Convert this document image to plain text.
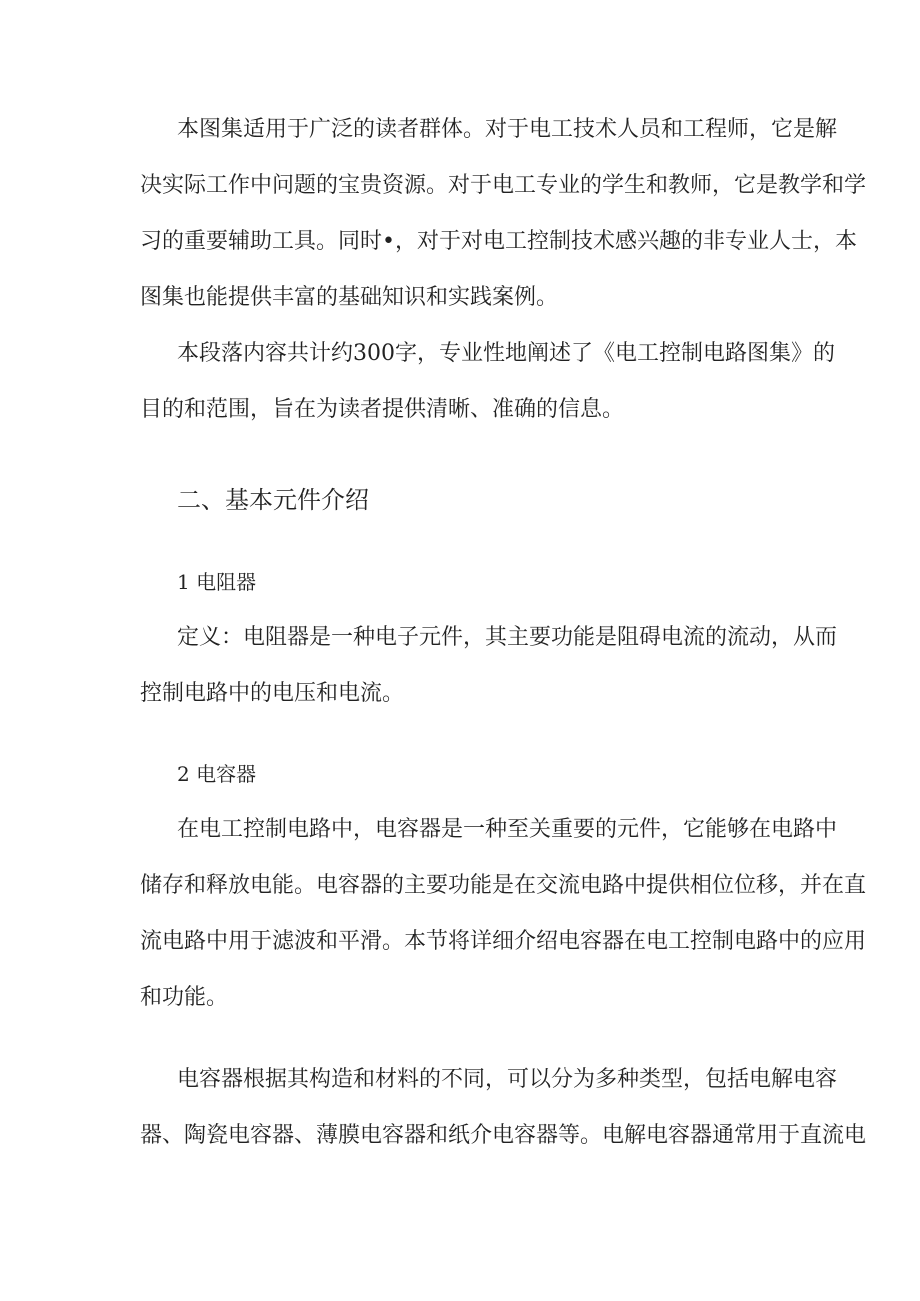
本图集适用于广泛的读者群体。对于电工技术人员和工程师，它是解
决实际工作中问题的宝贵资源。对于电工专业的学生和教师，它是教学和学
习的重要辅助工具。同时•，对于对电工控制技术感兴趣的非专业人士，本
图集也能提供丰富的基础知识和实践案例。
本段落内容共计约300字，专业性地阐述了《电工控制电路图集》的
目的和范围，旨在为读者提供清晰、准确的信息。
二、基本元件介绍
1 电阻器
定义：电阻器是一种电子元件，其主要功能是阻碍电流的流动，从而
控制电路中的电压和电流。
2 电容器
在电工控制电路中，电容器是一种至关重要的元件，它能够在电路中
储存和释放电能。电容器的主要功能是在交流电路中提供相位位移，并在直
流电路中用于滤波和平滑。本节将详细介绍电容器在电工控制电路中的应用
和功能。
电容器根据其构造和材料的不同，可以分为多种类型，包括电解电容
器、陶瓷电容器、薄膜电容器和纸介电容器等。电解电容器通常用于直流电
